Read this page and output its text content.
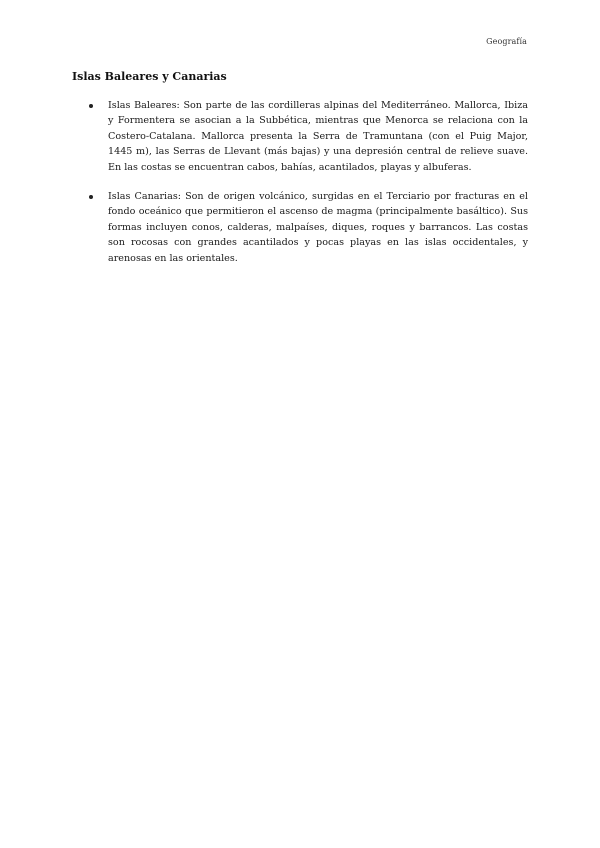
Geografía
Islas Baleares y Canarias
Islas Baleares: Son parte de las cordilleras alpinas del Mediterráneo. Mallorca, Ibiza y Formentera se asocian a la Subbética, mientras que Menorca se relaciona con la Costero-Catalana. Mallorca presenta la Serra de Tramuntana (con el Puig Major, 1445 m), las Serras de Llevant (más bajas) y una depresión central de relieve suave. En las costas se encuentran cabos, bahías, acantilados, playas y albuferas.
Islas Canarias: Son de origen volcánico, surgidas en el Terciario por fracturas en el fondo oceánico que permitieron el ascenso de magma (principalmente basáltico). Sus formas incluyen conos, calderas, malpaíses, diques, roques y barrancos. Las costas son rocosas con grandes acantilados y pocas playas en las islas occidentales, y arenosas en las orientales.
